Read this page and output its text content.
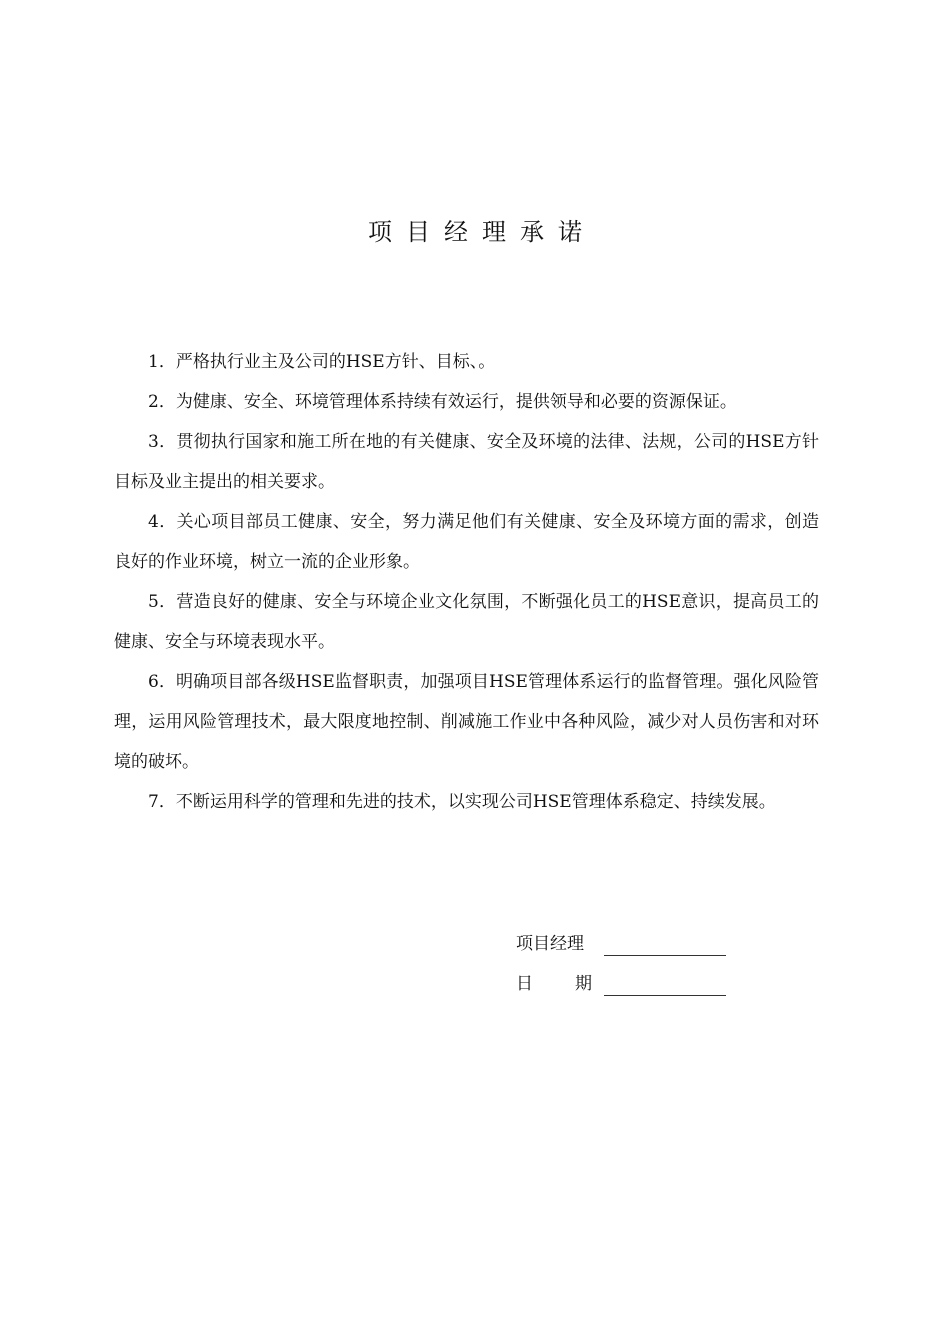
项目经理承诺

1．严格执行业主及公司的HSE方针、目标、。

2．为健康、安全、环境管理体系持续有效运行，提供领导和必要的资源保证。

3．贯彻执行国家和施工所在地的有关健康、安全及环境的法律、法规，公司的HSE方针目标及业主提出的相关要求。

4．关心项目部员工健康、安全，努力满足他们有关健康、安全及环境方面的需求，创造良好的作业环境，树立一流的企业形象。

5．营造良好的健康、安全与环境企业文化氛围，不断强化员工的HSE意识，提高员工的健康、安全与环境表现水平。

6．明确项目部各级HSE监督职责，加强项目HSE管理体系运行的监督管理。强化风险管理，运用风险管理技术，最大限度地控制、削减施工作业中各种风险，减少对人员伤害和对环境的破坏。

7．不断运用科学的管理和先进的技术，以实现公司HSE管理体系稳定、持续发展。

项目经理
日 期
